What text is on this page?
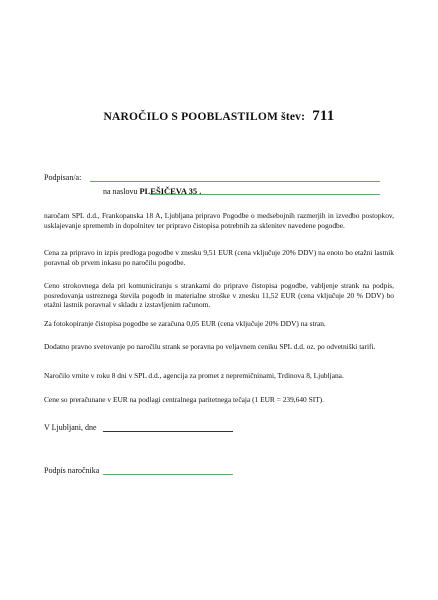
NAROČILO S POOBLASTILOM štev: 711
Podpisan/a:
na naslovu PLEŠIČEVA 35 .
naročam SPL d.d., Frankopanska 18 A, Ljubljana pripravo Pogodbe o medsebojnih razmerjih in izvedbo postopkov, usklajevanje sprememb in dopolnitev ter pripravo čistopisa potrebnih za sklenitev navedene pogodbe.
Cena za pripravo in izpis predloga pogodbe v znesku 9,51 EUR (cena vključuje 20% DDV) na enoto bo etažni lastnik poravnal ob prvem inkasu po naročilu pogodbe.
Ceno strokovnega dela pri komuniciranju s strankami do priprave čistopisa pogodbe, vabljenje strank na podpis, posredovanja ustreznega števila pogodb in materialne stroške v znesku 11,52 EUR (cena vključuje 20 % DDV) bo etažni lastnik poravnal v skladu z izstavljenim računom.
Za fotokopiranje čistopisa pogodbe se zaračuna 0,05 EUR (cena vključuje 20% DDV) na stran.
Dodatno pravno svetovanje po naročilu strank se poravna po veljavnem ceniku SPL d.d. oz. po odvetniški tarifi.
Naročilo vrnite v roku 8 dni v SPL d.d., agencija za promet z nepremičninami, Trdinova 8, Ljubljana.
Cene so preračunane v EUR na podlagi centralnega paritetnega tečaja (1 EUR = 239,640 SIT).
V Ljubljani, dne
Podpis naročnika
